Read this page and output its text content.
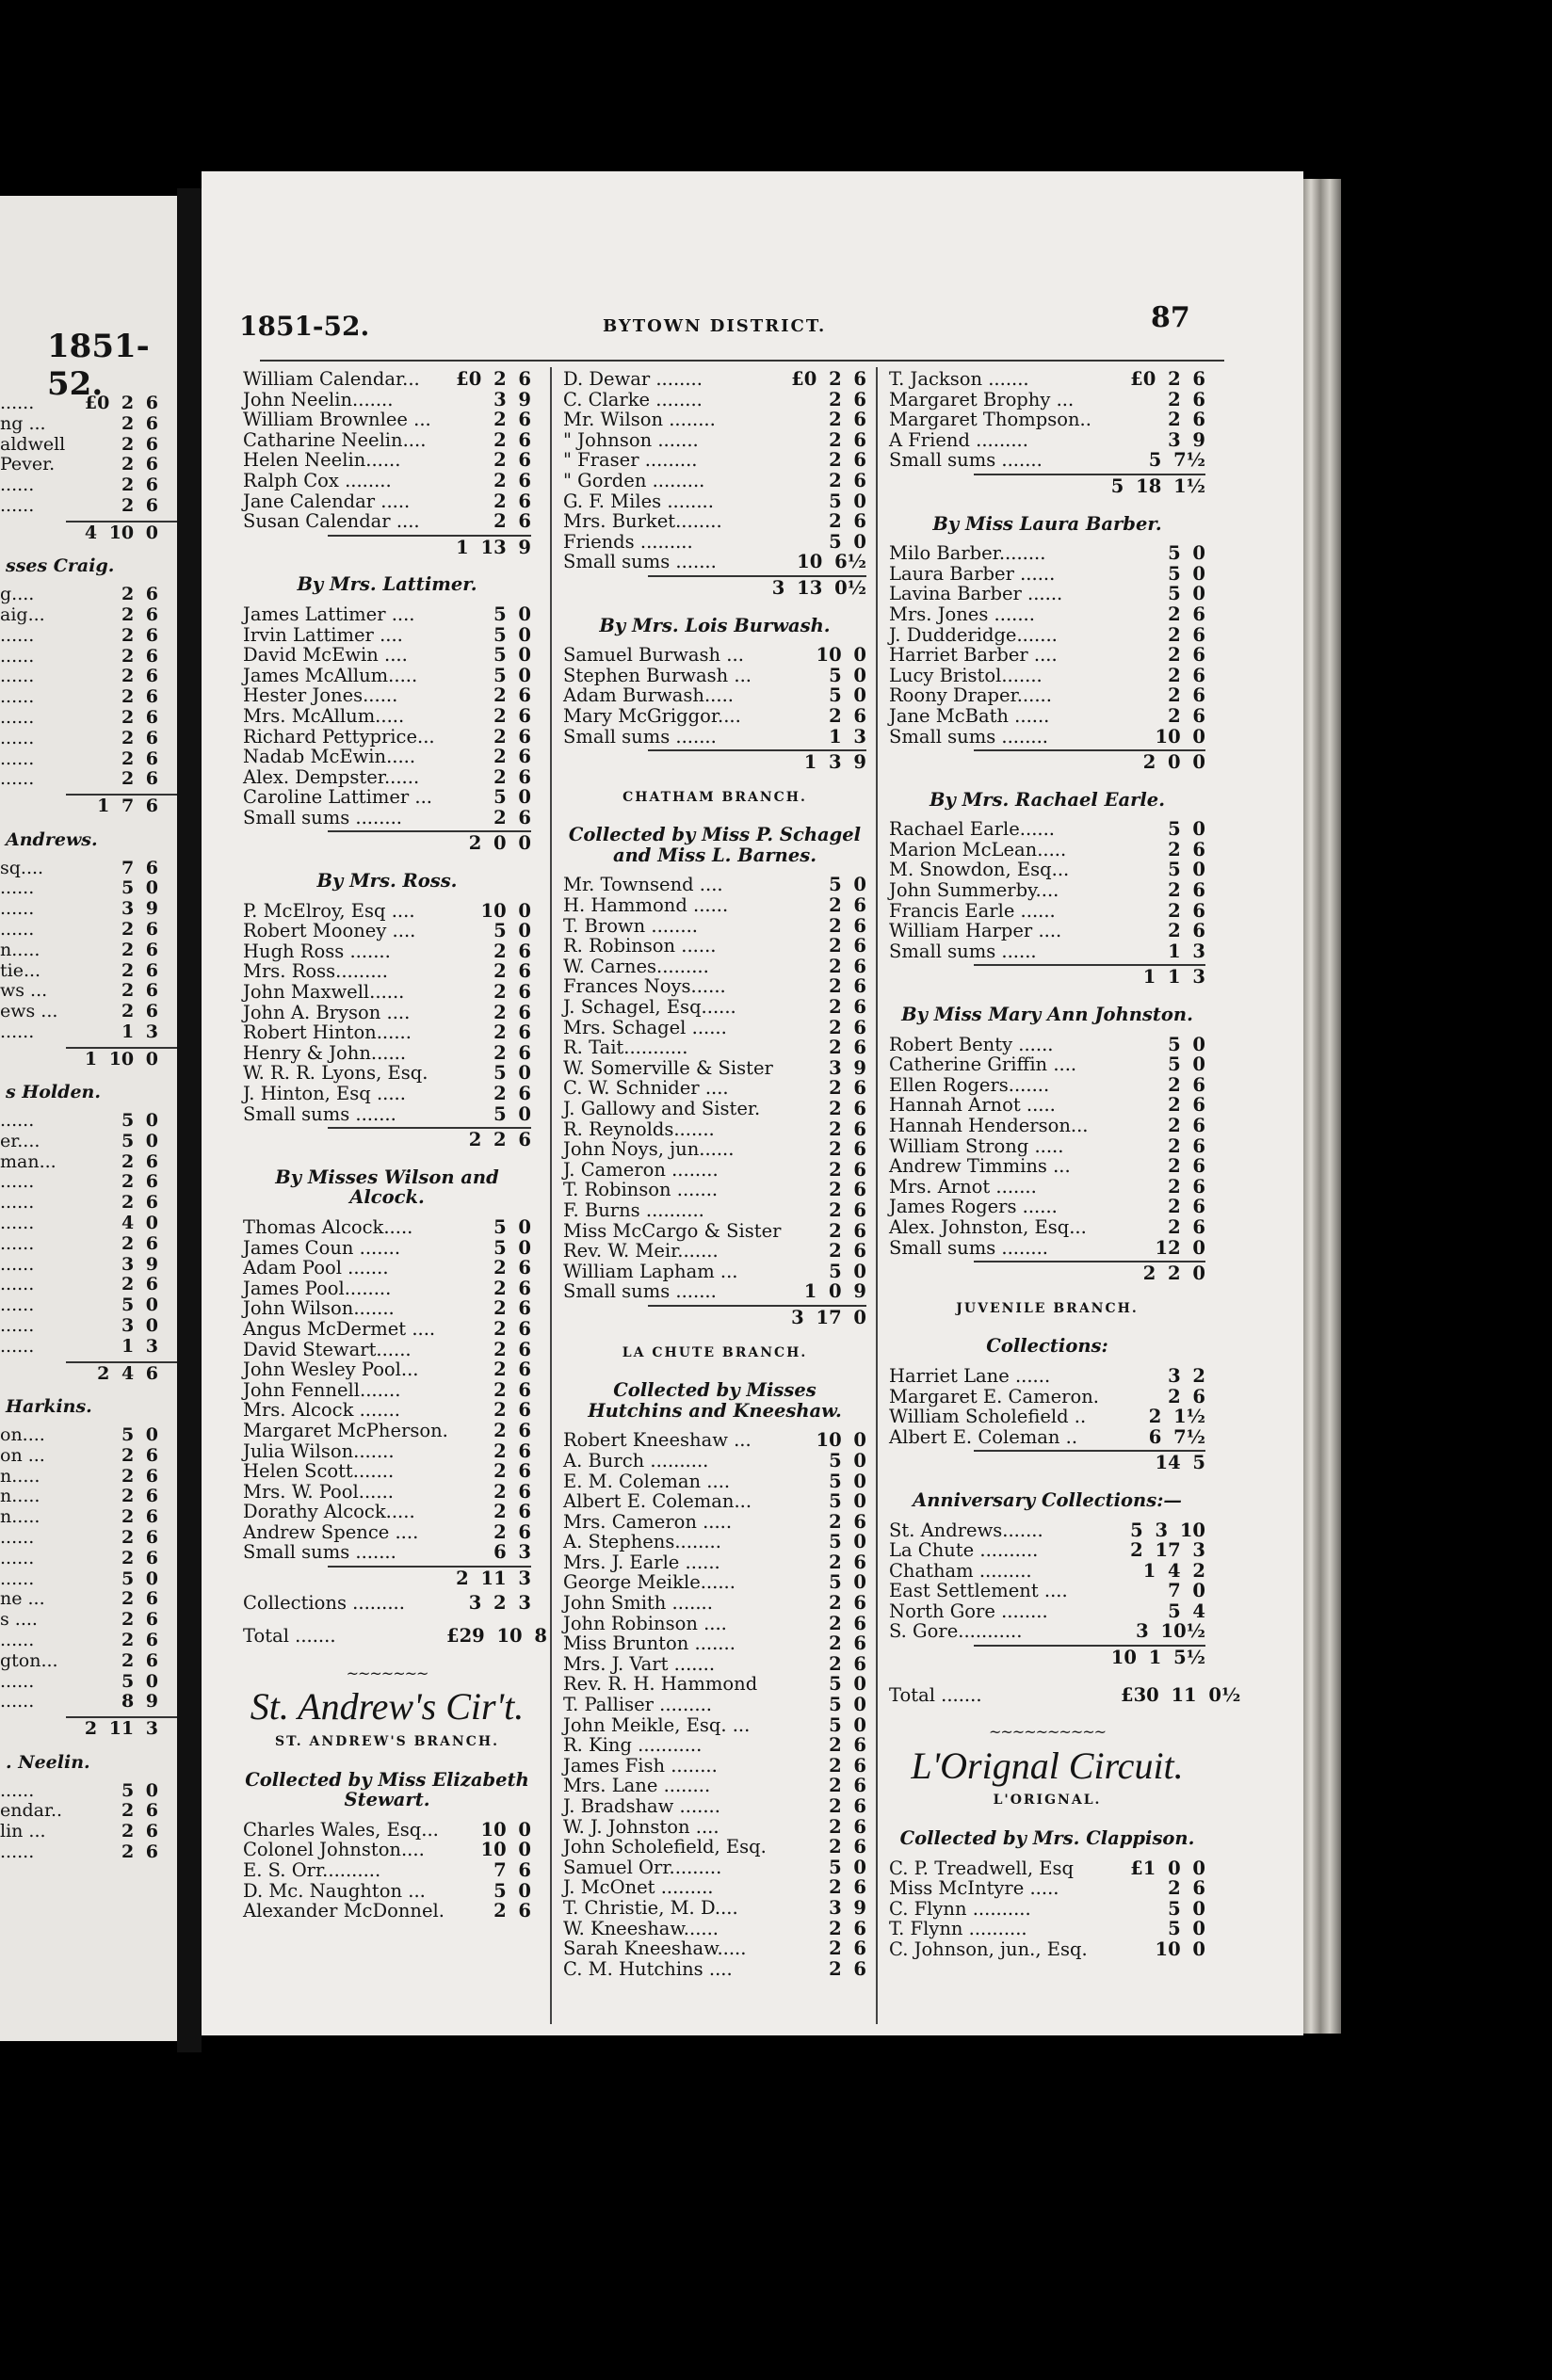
1851-52.
......	£0 2 6
ng ...	2 6
aldwell	2 6
Pever.	2 6
......	2 6
......	2 6
4 10 0
sses Craig.
g....	2 6
aig...	2 6
......	2 6
......	2 6
......	2 6
......	2 6
......	2 6
......	2 6
......	2 6
......	2 6
1 7 6
Andrews.
sq....	7 6
......	5 0
......	3 9
......	2 6
n.....	2 6
tie...	2 6
ws ...	2 6
ews ...	2 6
......	1 3
1 10 0
s Holden.
......	5 0
er....	5 0
man...	2 6
......	2 6
......	2 6
......	4 0
......	2 6
......	3 9
......	2 6
......	5 0
......	3 0
......	1 3
2 4 6
Harkins.
on....	5 0
on ...	2 6
n.....	2 6
n.....	2 6
n.....	2 6
......	2 6
......	2 6
......	5 0
ne ...	2 6
s ....	2 6
......	2 6
gton...	2 6
......	5 0
......	8 9
2 11 3
. Neelin.
......	5 0
endar..	2 6
lin ...	2 6
......	2 6
1851-52.	BYTOWN DISTRICT.	87
William Calendar...	£0 2 6
John Neelin.......	3 9
William Brownlee ...	2 6
Catharine Neelin....	2 6
Helen Neelin......	2 6
Ralph Cox ........	2 6
Jane Calendar .....	2 6
Susan Calendar ....	2 6
1 13 9
By Mrs. Lattimer.
James Lattimer ....	5 0
Irvin Lattimer ....	5 0
David McEwin ....	5 0
James McAllum.....	5 0
Hester Jones......	2 6
Mrs. McAllum.....	2 6
Richard Pettyprice...	2 6
Nadab McEwin.....	2 6
Alex. Dempster......	2 6
Caroline Lattimer ...	5 0
Small sums ........	2 6
2 0 0
By Mrs. Ross.
P. McElroy, Esq ....	10 0
Robert Mooney ....	5 0
Hugh Ross .......	2 6
Mrs. Ross.........	2 6
John Maxwell......	2 6
John A. Bryson ....	2 6
Robert Hinton......	2 6
Henry & John......	2 6
W. R. R. Lyons, Esq.	5 0
J. Hinton, Esq .....	2 6
Small sums .......	5 0
2 2 6
By Misses Wilson and Alcock.
Thomas Alcock.....	5 0
James Coun .......	5 0
Adam Pool .......	2 6
James Pool........	2 6
John Wilson.......	2 6
Angus McDermet ....	2 6
David Stewart......	2 6
John Wesley Pool...	2 6
John Fennell.......	2 6
Mrs. Alcock .......	2 6
Margaret McPherson.	2 6
Julia Wilson.......	2 6
Helen Scott.......	2 6
Mrs. W. Pool......	2 6
Dorathy Alcock.....	2 6
Andrew Spence ....	2 6
Small sums .......	6 3
2 11 3
Collections .........	3 2 3
Total .......	£29 10 8
~~~~~~~
St. Andrew's Cir't.
ST. ANDREW'S BRANCH.
Collected by Miss Elizabeth Stewart.
Charles Wales, Esq...	10 0
Colonel Johnston....	10 0
E. S. Orr..........	7 6
D. Mc. Naughton ...	5 0
Alexander McDonnel.	2 6
D. Dewar ........	£0 2 6
C. Clarke ........	2 6
Mr. Wilson ........	2 6
" Johnson .......	2 6
" Fraser .........	2 6
" Gorden .........	2 6
G. F. Miles ........	5 0
Mrs. Burket........	2 6
Friends .........	5 0
Small sums .......	10 6½
3 13 0½
By Mrs. Lois Burwash.
Samuel Burwash ...	10 0
Stephen Burwash ...	5 0
Adam Burwash.....	5 0
Mary McGriggor....	2 6
Small sums .......	1 3
1 3 9
CHATHAM BRANCH.
Collected by Miss P. Schagel and Miss L. Barnes.
Mr. Townsend ....	5 0
H. Hammond ......	2 6
T. Brown ........	2 6
R. Robinson ......	2 6
W. Carnes.........	2 6
Frances Noys......	2 6
J. Schagel, Esq......	2 6
Mrs. Schagel ......	2 6
R. Tait...........	2 6
W. Somerville & Sister	3 9
C. W. Schnider ....	2 6
J. Gallowy and Sister.	2 6
R. Reynolds.......	2 6
John Noys, jun......	2 6
J. Cameron ........	2 6
T. Robinson .......	2 6
F. Burns ..........	2 6
Miss McCargo & Sister	2 6
Rev. W. Meir.......	2 6
William Lapham ...	5 0
Small sums .......	1 0 9
3 17 0
LA CHUTE BRANCH.
Collected by Misses Hutchins and Kneeshaw.
Robert Kneeshaw ...	10 0
A. Burch ..........	5 0
E. M. Coleman ....	5 0
Albert E. Coleman...	5 0
Mrs. Cameron .....	2 6
A. Stephens........	5 0
Mrs. J. Earle ......	2 6
George Meikle......	5 0
John Smith .......	2 6
John Robinson ....	2 6
Miss Brunton .......	2 6
Mrs. J. Vart .......	2 6
Rev. R. H. Hammond	5 0
T. Palliser .........	5 0
John Meikle, Esq. ...	5 0
R. King ...........	2 6
James Fish ........	2 6
Mrs. Lane ........	2 6
J. Bradshaw .......	2 6
W. J. Johnston ....	2 6
John Scholefield, Esq.	2 6
Samuel Orr.........	5 0
J. McOnet .........	2 6
T. Christie, M. D....	3 9
W. Kneeshaw......	2 6
Sarah Kneeshaw.....	2 6
C. M. Hutchins ....	2 6
T. Jackson .......	£0 2 6
Margaret Brophy ...	2 6
Margaret Thompson..	2 6
A Friend .........	3 9
Small sums .......	5 7½
5 18 1½
By Miss Laura Barber.
Milo Barber........	5 0
Laura Barber ......	5 0
Lavina Barber ......	5 0
Mrs. Jones .......	2 6
J. Dudderidge.......	2 6
Harriet Barber ....	2 6
Lucy Bristol.......	2 6
Roony Draper......	2 6
Jane McBath ......	2 6
Small sums ........	10 0
2 0 0
By Mrs. Rachael Earle.
Rachael Earle......	5 0
Marion McLean.....	2 6
M. Snowdon, Esq...	5 0
John Summerby....	2 6
Francis Earle ......	2 6
William Harper ....	2 6
Small sums ......	1 3
1 1 3
By Miss Mary Ann Johnston.
Robert Benty ......	5 0
Catherine Griffin ....	5 0
Ellen Rogers.......	2 6
Hannah Arnot .....	2 6
Hannah Henderson...	2 6
William Strong .....	2 6
Andrew Timmins ...	2 6
Mrs. Arnot .......	2 6
James Rogers ......	2 6
Alex. Johnston, Esq...	2 6
Small sums ........	12 0
2 2 0
JUVENILE BRANCH.
Collections:
Harriet Lane ......	3 2
Margaret E. Cameron.	2 6
William Scholefield ..	2 1½
Albert E. Coleman ..	6 7½
14 5
Anniversary Collections:—
St. Andrews.......	5 3 10
La Chute ..........	2 17 3
Chatham .........	1 4 2
East Settlement ....	7 0
North Gore ........	5 4
S. Gore...........	3 10½
10 1 5½
Total .......	£30 11 0½
~~~~~~~~~~
L'Orignal Circuit.
L'ORIGNAL.
Collected by Mrs. Clappison.
C. P. Treadwell, Esq	£1 0 0
Miss McIntyre .....	2 6
C. Flynn ..........	5 0
T. Flynn ..........	5 0
C. Johnson, jun., Esq.	10 0
